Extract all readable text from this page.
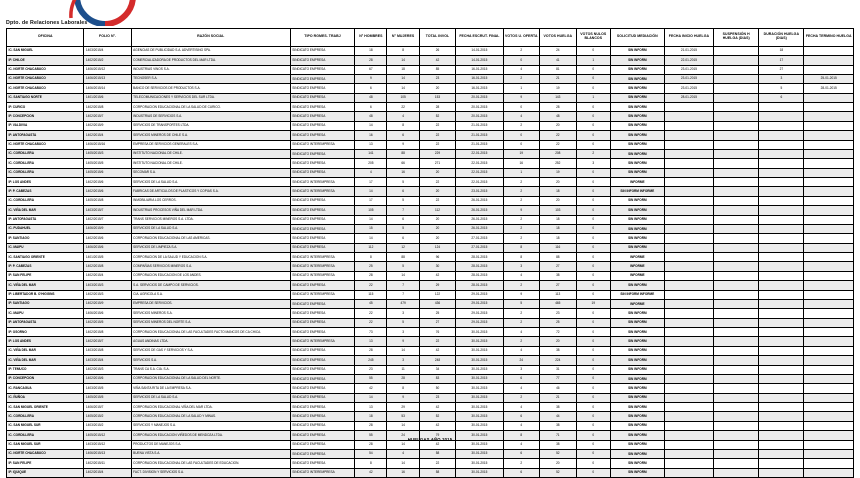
Dpto. de Relaciones Laborales
OFICINA	FOLIO N°.	RAZÓN SOCIAL	TIPO RGMES. TRABJ	N° HOMBRES	N° MUJERES	TOTAL INVOL	FECHA ESCRUT. FINAL	VOTOS U. OFERTA	VOTOS HUELGA	VOTOS NULOS BLANCOS	SOLICITUD MEDIACIÓN	FECHA INICIO HUELGA	SUSPENSIÓN H HUELGA (DIAS)	DURACIÓN HUELGA (DIAS)	FECHA TERMINO HUELGA
IC. SAN MIGUEL	1403/2015/4	AGENCIAS DE PUBLICIDAD S.A. ADVERTISING SPA.	SINDICATO EMPRESA	18	8	26	14-01-2015	2	24	0	SIN INFORM	21-01-2015		18	
IP. CHILOE	1402/2015/2	COMERCIALIZADORA DE PRODUCTOS DEL MAR LTDA.	SINDICATO EMPRESA	28	14	42	14-01-2015	0	41	1	SIN INFORM	22-01-2015		17	
IC. NORTE CHACABUCO	1406/2015/12	INDUSTRIAS VINOS S.A.	SINDICATO EMPRESA	67	18	85	16-01-2015	4	81	0	SIN INFORM	23-01-2015		27	
IC. NORTE CHACABUCO	1406/2015/13	TECNOSER S.A.	SINDICATO EMPRESA	9	14	23	16-01-2015	2	21	0	SIN INFORM	23-01-2015		3	25-01-2015
IC. NORTE CHACABUCO	1406/2015/14	BANCO DE SERVICIOS DE PRODUCTOS S.A.	SINDICATO EMPRESA	6	14	20	16-01-2015	1	19	0	SIN INFORM	23-01-2015		5	28-01-2015
IC. SANTIAGO NORTE	1401/2015/6	TELECOMUNICACIONES Y SERVICIOS DEL SUR LTDA.	SINDICATO EMPRESA	48	105	153	20-01-2015	9	143	1	SIN INFORM	28-01-2015		6	
IP. CURICO	1402/2015/8	CORPORACION EDUCACIONAL DE LA SALUD DE CURICO.	SINDICATO EMPRESA	6	22	28	20-01-2015	0	28	0	SIN INFORM				
IP. CONCEPCION	1402/2015/7	INDUSTRIAS DE SERVICIOS S.A.	SINDICATO EMPRESA	48	4	52	20-01-2015	4	48	0	SIN INFORM				
IP. VALDIVIA	1402/2015/9	SERVICIOS DE TRANSPORTES LTDA.	SINDICATO EMPRESA	14	8	22	21-01-2015	2	20	0	SIN INFORM				
IP. ANTOFAGASTA	1402/2015/4	SERVICIOS MINEROS DE CHILE S.A.	SINDICATO EMPRESA	16	6	22	21-01-2015	0	22	0	SIN INFORM				
IC. NORTE CHACABUCO	1406/2015/16	EMPRESA DE SERVICIOS GENERALES S.A.	SINDICATO INTEREMPRESA	13	9	22	21-01-2015	0	22	0	SIN INFORM				
IC. CORDILLERA	1405/2015/3	INSTITUTO NACIONAL DE CHILE.	SINDICATO EMPRESA	141	88	229	22-01-2015	19	208	2	SIN INFORM				
IC. CORDILLERA	1405/2015/5	INSTITUTO NACIONAL DE CHILE.	SINDICATO EMPRESA	205	66	271	22-01-2015	16	252	3	SIN INFORM				
IC. CORDILLERA	1405/2015/6	SECOMAR S.A.	SINDICATO EMPRESA	4	16	20	22-01-2015	1	19	0	SIN INFORM				
IP. LOS ANDES	1402/2015/6	SERVICIOS DE LA SALUD S.A.	SINDICATO INTEREMPRESA	17	5	22	22-01-2015	2	20	0	INFORME				
IP. P. CABEZAS	1402/2015/6	FABRICAS DE ARTICULOS DE PLASTICOS Y COPIAS S.A.	SINDICATO INTEREMPRESA	14	6	20	23-01-2015	2	18	0	SIN INFORM INFORME				
IC. CORDILLERA	1405/2015/8	INMOBILIARIA LOS CERROS.	SINDICATO EMPRESA	17	5	22	26-01-2015	2	20	0	SIN INFORM				
IC. VIÑA DEL MAR	1403/2015/7	INDUSTRIAS PROCESOS VIÑA DEL MAR LTDA.	SINDICATO EMPRESA	105	7	112	26-01-2015	9	103	0	SIN INFORM				
IP. ANTOFAGASTA	1402/2015/7	TRANS SERVICIOS MINEROS S.A. LTDA.	SINDICATO EMPRESA	14	6	20	26-01-2015	2	18	0	SIN INFORM				
IC. PUDAHUEL	1406/2015/9	SERVICIOS DE LA SALUD S.A.	SINDICATO EMPRESA	15	5	20	26-01-2015	2	18	0	SIN INFORM				
IP. SANTIAGO	1402/2015/6	CORPORACION EDUCACIONAL DE LAS AMERICAS.	SINDICATO EMPRESA	14	6	20	27-01-2015	2	18	0	SIN INFORM				
IC. MAIPU	1406/2015/6	SERVICIOS DE LIMPIEZA S.A.	SINDICATO EMPRESA	112	12	124	27-01-2015	8	116	0	SIN INFORM				
IC. SANTIAGO ORIENTE	1401/2015/5	CORPORACION DE LA SALUD Y EDUCACION S.A.	SINDICATO INTEREMPRESA	8	88	96	28-01-2015	8	88	0	INFORME				
IP. P. CABEZAS	1402/2015/8	COMPAÑIAS SERVICIOS MINEROS S.A.	SINDICATO INTEREMPRESA	25	5	30	28-01-2015	3	27	0	INFORME				
IP. SAN FELIPE	1402/2015/4	CORPORACION EDUCACION DE LOS ANDES.	SINDICATO INTEREMPRESA	28	14	42	28-01-2015	4	38	0	INFORME				
IC. VIÑA DEL MAR	1403/2015/3	S.A. SERVICIOS DE CAMPO DE SERVICIOS.	SINDICATO EMPRESA	22	7	29	28-01-2015	2	27	0	SIN INFORM				
IP. LIBERTADOR B. O'HIGGINS	1402/2015/3	CIA. AGRICOLA S.A.	SINDICATO INTEREMPRESA	115	7	122	29-01-2015	9	113	0	SIN INFORM INFORME				
IP. SANTIAGO	1402/2015/9	EMPRESA DE SERVICIOS.	SINDICATO EMPRESA	45	479	436	29-01-2015	5	465	19	INFORME				
IC. MAIPU	1406/2015/6	SERVICIOS MINEROS S.A.	SINDICATO EMPRESA	22	3	25	29-01-2015	2	23	0	SIN INFORM				
IP. ANTOFAGASTA	1402/2015/5	SERVICIOS MINEROS DEL NORTE S.A.	SINDICATO EMPRESA	22	5	27	29-01-2015	2	25	0	SIN INFORM				
IP. OSORNO	1402/2015/8	CORPORACION EDUCACIONAL DE LAS FACULTADES FACTO MANCOS DE CA CHICA.	SINDICATO EMPRESA	73	3	76	30-01-2015	4	72	0	SIN INFORM				
IP. LOS ANDES	1402/2015/7	AGUAS ANDINAS LTDA.	SINDICATO INTEREMPRESA	13	9	22	30-01-2015	2	20	0	SIN INFORM				
IC. VIÑA DEL MAR	1403/2015/8	SERVICIOS DE GAS Y SERVICIOS Y S.A.	SINDICATO EMPRESA	28	14	42	30-01-2015	4	38	0	SIN INFORM				
IC. VIÑA DEL MAR	1403/2015/4	SERVICIOS S.A.	SINDICATO EMPRESA	245	3	248	30-01-2015	24	224	0	SIN INFORM				
IP. TEMUCO	1402/2015/3	TRANS CA S.A. CIA. S.A.	SINDICATO EMPRESA	23	11	34	30-01-2015	3	31	0	SIN INFORM				
IP. CONCEPCION	1402/2015/6	CORPORACION EDUCACIONAL DE LA SALUD DEL NORTE.	SINDICATO EMPRESA	55	28	83	30-01-2015	6	77	0	SIN INFORM				
IC. RANCAGUA	1403/2015/5	VIÑA SANTA RITA DE LA EMPRESA S.A.	SINDICATO EMPRESA	42	8	50	30-01-2015	4	46	0	SIN INFORM				
IC. ÑUÑOA	1405/2015/5	SERVICIOS DE LA SALUD S.A.	SINDICATO EMPRESA	14	9	23	30-01-2015	2	21	0	SIN INFORM				
IC. SAN MIGUEL ORIENTE	1406/2015/7	CORPORACION EDUCACIONAL VIÑA DEL MAR LTDA.	SINDICATO EMPRESA	13	29	42	30-01-2015	4	38	0	SIN INFORM				
IC. CORDILLERA	1405/2015/2	CORPORACION EDUCACIONAL DE LA SALUD Y MINAS.	SINDICATO EMPRESA	18	53	52	30-01-2015	6	44	0	SIN INFORM				
IC. SAN MIGUEL SUR	1403/2015/2	SERVICIOS Y MANEJOS S.A.	SINDICATO EMPRESA	28	14	42	30-01-2015	4	38	0	SIN INFORM				
IC. CORDILLERA	1405/2015/12	CORPORACION EDUCACION VIÑEDOS DE MENDOZA LTDA.	SINDICATO EMPRESA	55	24	79	30-01-2015	8	71	0	SIN INFORM				
IC. SAN MIGUEL SUR	1403/2015/12	PRODUCTOS DE MANEJOS S.A.	SINDICATO EMPRESA	28	14	42	30-01-2015	4	38	0	SIN INFORM				
IC. NORTE CHACABUCO	1406/2015/13	BUENA VISTA S.A.	SINDICATO EMPRESA	54	4	58	30-01-2015	6	52	0	SIN INFORM				
IP. SAN FELIPE	1402/2015/11	CORPORACION EDUCACIONAL DE LAS FACULTADES DE EDUCACION.	SINDICATO EMPRESA	8	14	22	30-01-2015	2	20	0	SIN INFORM				
IP. IQUIQUE	1402/2015/4	FACT. DIVISION Y SERVICIOS S.A.	SINDICATO INTEREMPRESA	42	16	58	30-01-2015	6	52	0	SIN INFORM				
HUELGAS AÑO 2015
